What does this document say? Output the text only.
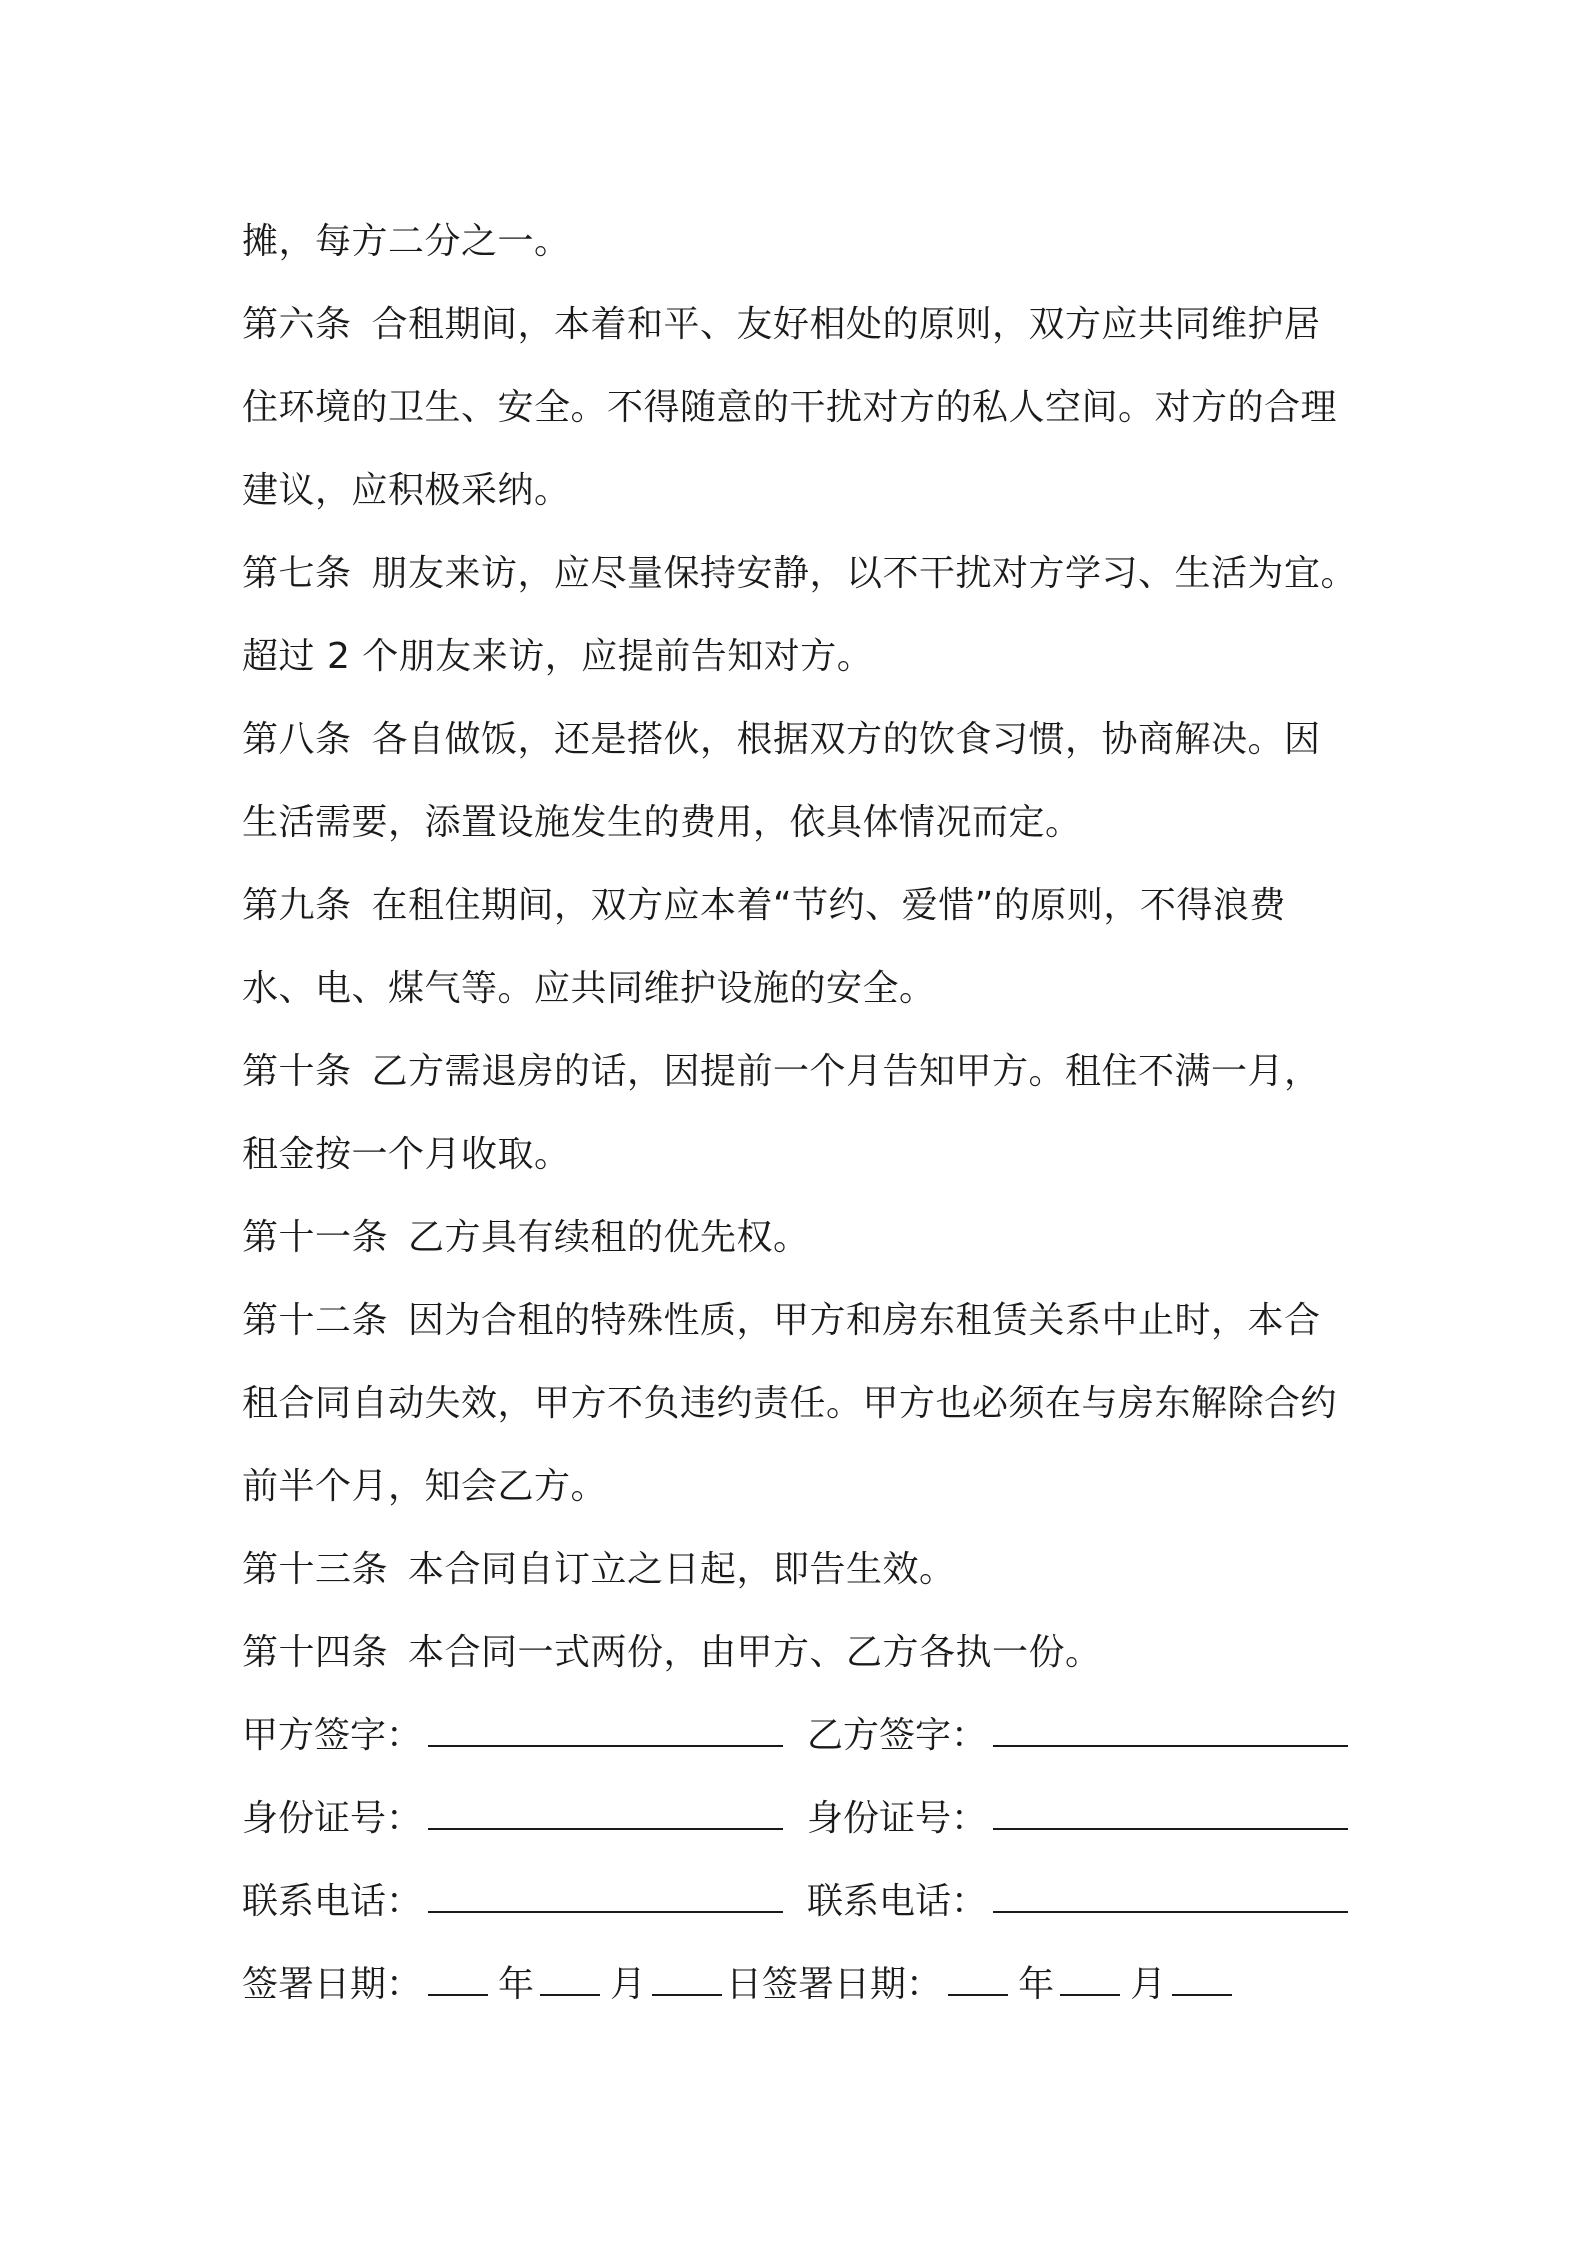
摊，每方二分之一。
第六条 合租期间，本着和平、友好相处的原则，双方应共同维护居
住环境的卫生、安全。不得随意的干扰对方的私人空间。对方的合理
建议，应积极采纳。
第七条 朋友来访，应尽量保持安静，以不干扰对方学习、生活为宜。
超过 2 个朋友来访，应提前告知对方。
第八条 各自做饭，还是搭伙，根据双方的饮食习惯，协商解决。因
生活需要，添置设施发生的费用，依具体情况而定。
第九条 在租住期间，双方应本着“节约、爱惜”的原则，不得浪费
水、电、煤气等。应共同维护设施的安全。
第十条 乙方需退房的话，因提前一个月告知甲方。租住不满一月，
租金按一个月收取。
第十一条 乙方具有续租的优先权。
第十二条 因为合租的特殊性质，甲方和房东租赁关系中止时，本合
租合同自动失效，甲方不负违约责任。甲方也必须在与房东解除合约
前半个月，知会乙方。
第十三条 本合同自订立之日起，即告生效。
第十四条 本合同一式两份，由甲方、乙方各执一份。
甲方签字：	乙方签字：
身份证号：	身份证号：
联系电话：	联系电话：
签署日期： 年 月 日签署日期： 年 月
